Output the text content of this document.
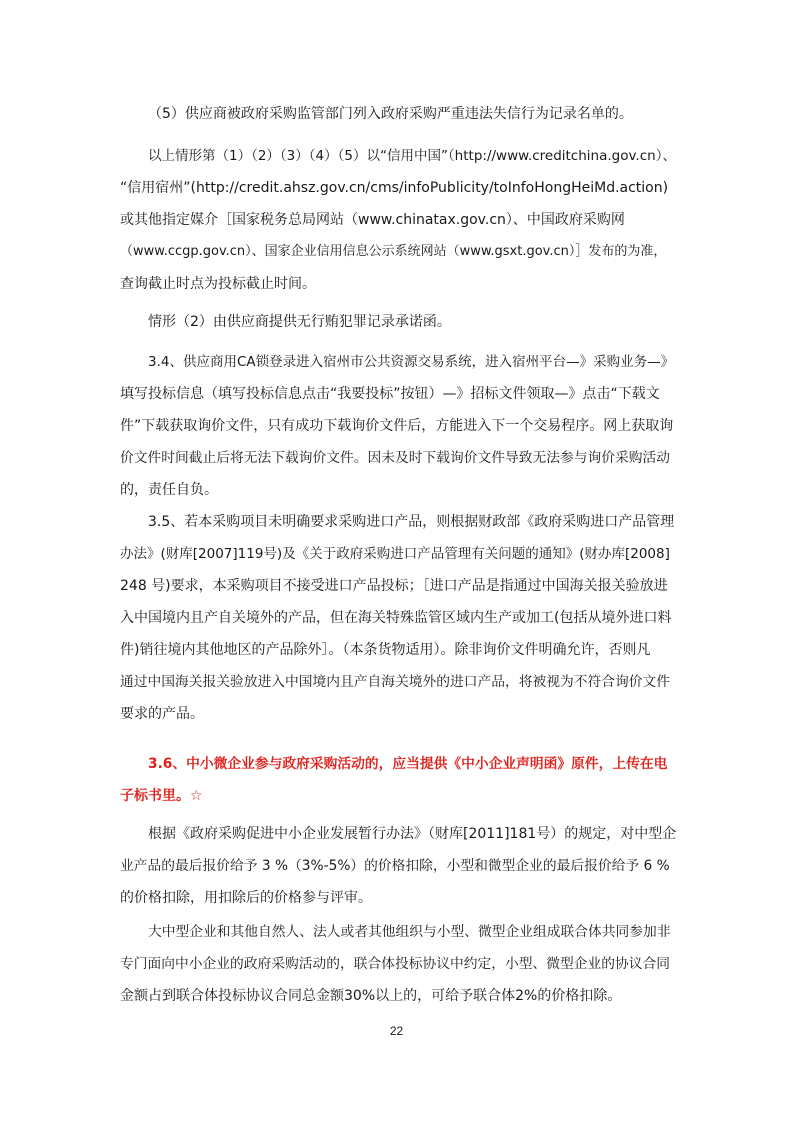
（5）供应商被政府采购监管部门列入政府采购严重违法失信行为记录名单的。
以上情形第（1）（2）（3）（4）（5）以“信用中国”（http://www.creditchina.gov.cn）、
“信用宿州”(http://credit.ahsz.gov.cn/cms/infoPublicity/toInfoHongHeiMd.action)
或其他指定媒介［国家税务总局网站（www.chinatax.gov.cn）、中国政府采购网
（www.ccgp.gov.cn）、国家企业信用信息公示系统网站（www.gsxt.gov.cn）］发布的为准，
查询截止时点为投标截止时间。
情形（2）由供应商提供无行贿犯罪记录承诺函。
3.4、供应商用CA锁登录进入宿州市公共资源交易系统，进入宿州平台—》采购业务—》
填写投标信息（填写投标信息点击“我要投标”按钮）—》招标文件领取—》点击“下载文
件”下载获取询价文件，只有成功下载询价文件后，方能进入下一个交易程序。网上获取询
价文件时间截止后将无法下载询价文件。因未及时下载询价文件导致无法参与询价采购活动
的，责任自负。
3.5、若本采购项目未明确要求采购进口产品，则根据财政部《政府采购进口产品管理
办法》(财库[2007]119号)及《关于政府采购进口产品管理有关问题的通知》(财办库[2008]
248 号)要求，本采购项目不接受进口产品投标；［进口产品是指通过中国海关报关验放进
入中国境内且产自关境外的产品，但在海关特殊监管区域内生产或加工(包括从境外进口料
件)销往境内其他地区的产品除外］。（本条货物适用）。除非询价文件明确允许，否则凡
通过中国海关报关验放进入中国境内且产自海关境外的进口产品，将被视为不符合询价文件
要求的产品。
3.6、中小微企业参与政府采购活动的，应当提供《中小企业声明函》原件，上传在电
子标书里。☆
根据《政府采购促进中小企业发展暂行办法》（财库[2011]181号）的规定，对中型企
业产品的最后报价给予 3 %（3%-5%）的价格扣除，小型和微型企业的最后报价给予 6 %
的价格扣除，用扣除后的价格参与评审。
大中型企业和其他自然人、法人或者其他组织与小型、微型企业组成联合体共同参加非
专门面向中小企业的政府采购活动的，联合体投标协议中约定，小型、微型企业的协议合同
金额占到联合体投标协议合同总金额30%以上的，可给予联合体2%的价格扣除。
22
